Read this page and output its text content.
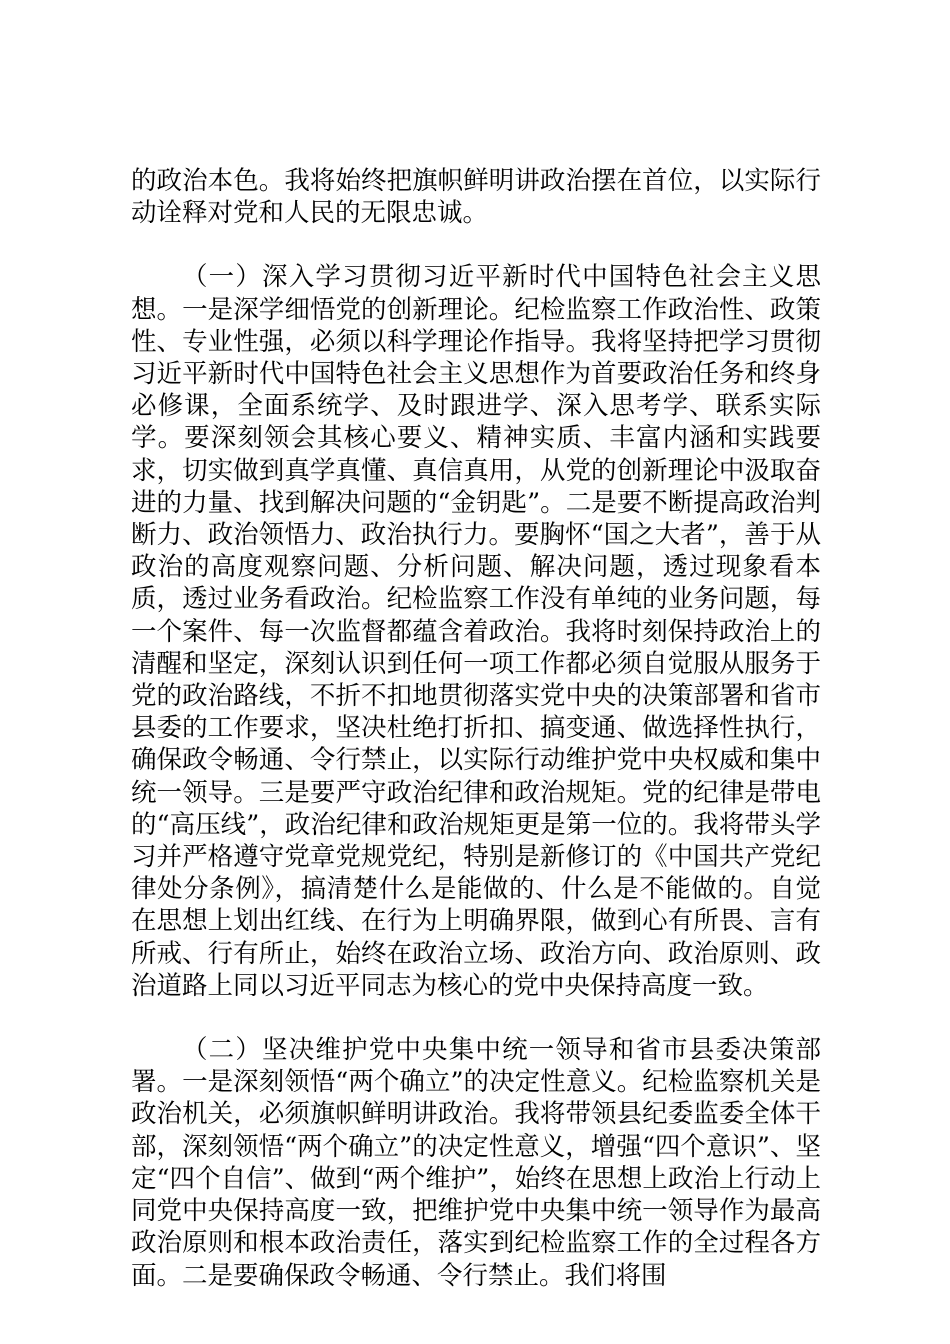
的政治本色。我将始终把旗帜鲜明讲政治摆在首位，以实际行动诠释对党和人民的无限忠诚。

（一）深入学习贯彻习近平新时代中国特色社会主义思想。一是深学细悟党的创新理论。纪检监察工作政治性、政策性、专业性强，必须以科学理论作指导。我将坚持把学习贯彻习近平新时代中国特色社会主义思想作为首要政治任务和终身必修课，全面系统学、及时跟进学、深入思考学、联系实际学。要深刻领会其核心要义、精神实质、丰富内涵和实践要求，切实做到真学真懂、真信真用，从党的创新理论中汲取奋进的力量、找到解决问题的“金钥匙”。二是要不断提高政治判断力、政治领悟力、政治执行力。要胸怀“国之大者”，善于从政治的高度观察问题、分析问题、解决问题，透过现象看本质，透过业务看政治。纪检监察工作没有单纯的业务问题，每一个案件、每一次监督都蕴含着政治。我将时刻保持政治上的清醒和坚定，深刻认识到任何一项工作都必须自觉服从服务于党的政治路线，不折不扣地贯彻落实党中央的决策部署和省市县委的工作要求，坚决杜绝打折扣、搞变通、做选择性执行，确保政令畅通、令行禁止，以实际行动维护党中央权威和集中统一领导。三是要严守政治纪律和政治规矩。党的纪律是带电的“高压线”，政治纪律和政治规矩更是第一位的。我将带头学习并严格遵守党章党规党纪，特别是新修订的《中国共产党纪律处分条例》，搞清楚什么是能做的、什么是不能做的。自觉在思想上划出红线、在行为上明确界限，做到心有所畏、言有所戒、行有所止，始终在政治立场、政治方向、政治原则、政治道路上同以习近平同志为核心的党中央保持高度一致。

（二）坚决维护党中央集中统一领导和省市县委决策部署。一是深刻领悟“两个确立”的决定性意义。纪检监察机关是政治机关，必须旗帜鲜明讲政治。我将带领县纪委监委全体干部，深刻领悟“两个确立”的决定性意义，增强“四个意识”、坚定“四个自信”、做到“两个维护”，始终在思想上政治上行动上同党中央保持高度一致，把维护党中央集中统一领导作为最高政治原则和根本政治责任，落实到纪检监察工作的全过程各方面。二是要确保政令畅通、令行禁止。我们将围
